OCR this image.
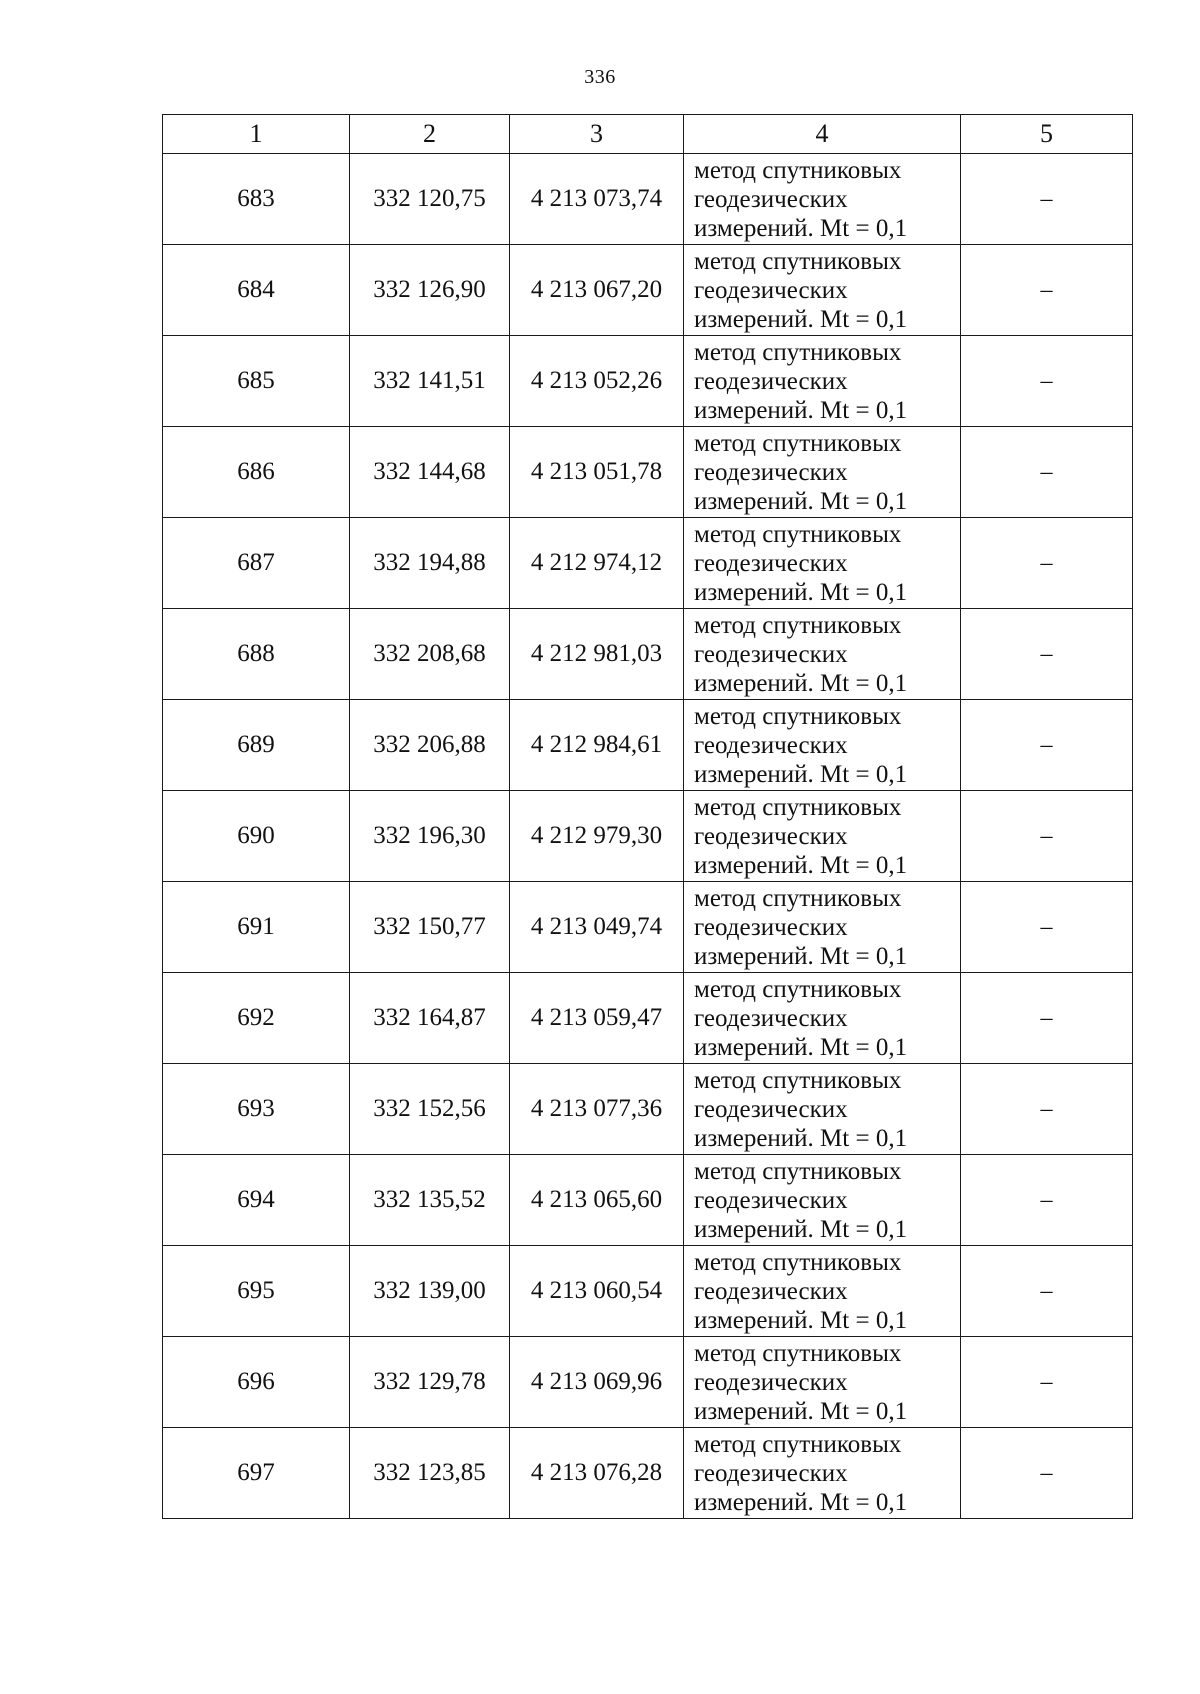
336
1	2	3	4	5
683	332 120,75	4 213 073,74	метод спутниковых
геодезических
измерений. Mt = 0,1	–
684	332 126,90	4 213 067,20	метод спутниковых
геодезических
измерений. Mt = 0,1	–
685	332 141,51	4 213 052,26	метод спутниковых
геодезических
измерений. Mt = 0,1	–
686	332 144,68	4 213 051,78	метод спутниковых
геодезических
измерений. Mt = 0,1	–
687	332 194,88	4 212 974,12	метод спутниковых
геодезических
измерений. Mt = 0,1	–
688	332 208,68	4 212 981,03	метод спутниковых
геодезических
измерений. Mt = 0,1	–
689	332 206,88	4 212 984,61	метод спутниковых
геодезических
измерений. Mt = 0,1	–
690	332 196,30	4 212 979,30	метод спутниковых
геодезических
измерений. Mt = 0,1	–
691	332 150,77	4 213 049,74	метод спутниковых
геодезических
измерений. Mt = 0,1	–
692	332 164,87	4 213 059,47	метод спутниковых
геодезических
измерений. Mt = 0,1	–
693	332 152,56	4 213 077,36	метод спутниковых
геодезических
измерений. Mt = 0,1	–
694	332 135,52	4 213 065,60	метод спутниковых
геодезических
измерений. Mt = 0,1	–
695	332 139,00	4 213 060,54	метод спутниковых
геодезических
измерений. Mt = 0,1	–
696	332 129,78	4 213 069,96	метод спутниковых
геодезических
измерений. Mt = 0,1	–
697	332 123,85	4 213 076,28	метод спутниковых
геодезических
измерений. Mt = 0,1	–
